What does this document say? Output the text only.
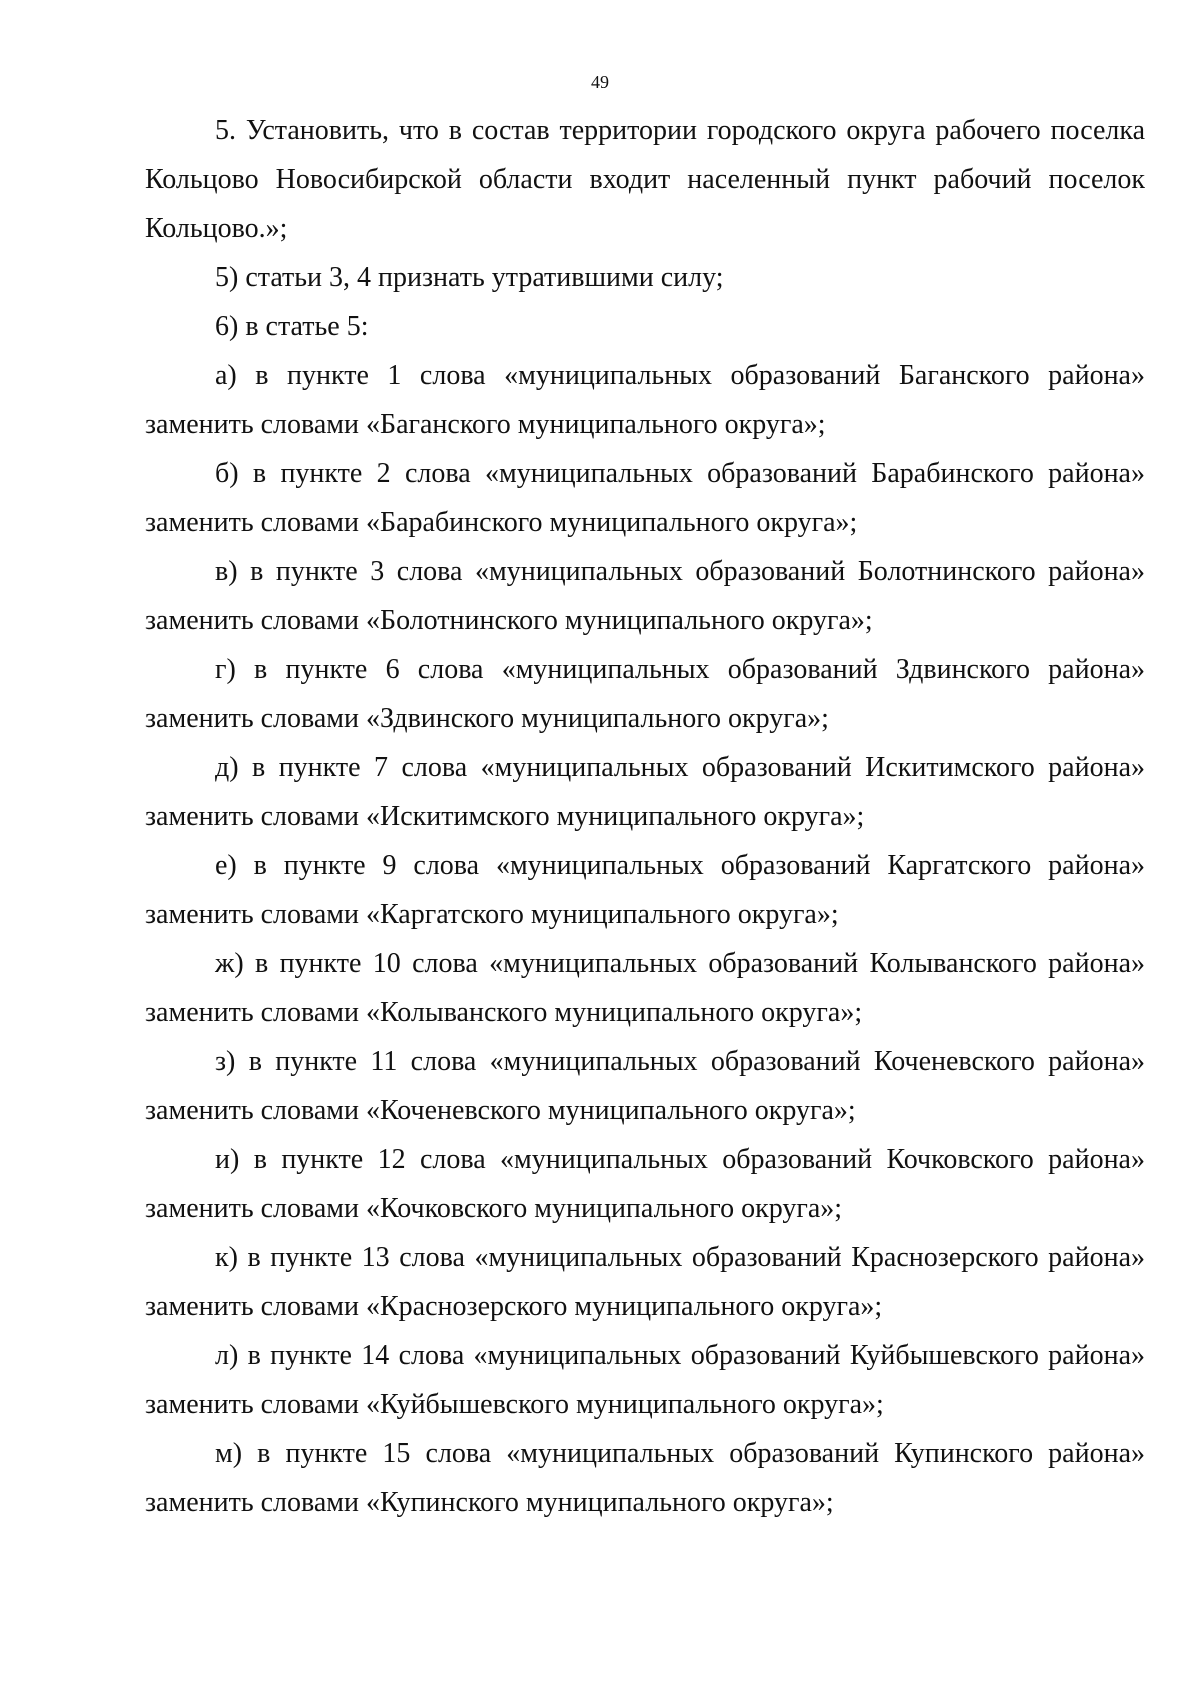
49

5. Установить, что в состав территории городского округа рабочего поселка Кольцово Новосибирской области входит населенный пункт рабочий поселок Кольцово.»;

5) статьи 3, 4 признать утратившими силу;

6) в статье 5:

а) в пункте 1 слова «муниципальных образований Баганского района» заменить словами «Баганского муниципального округа»;

б) в пункте 2 слова «муниципальных образований Барабинского района» заменить словами «Барабинского муниципального округа»;

в) в пункте 3 слова «муниципальных образований Болотнинского района» заменить словами «Болотнинского муниципального округа»;

г) в пункте 6 слова «муниципальных образований Здвинского района» заменить словами «Здвинского муниципального округа»;

д) в пункте 7 слова «муниципальных образований Искитимского района» заменить словами «Искитимского муниципального округа»;

е) в пункте 9 слова «муниципальных образований Каргатского района» заменить словами «Каргатского муниципального округа»;

ж) в пункте 10 слова «муниципальных образований Колыванского района» заменить словами «Колыванского муниципального округа»;

з) в пункте 11 слова «муниципальных образований Коченевского района» заменить словами «Коченевского муниципального округа»;

и) в пункте 12 слова «муниципальных образований Кочковского района» заменить словами «Кочковского муниципального округа»;

к) в пункте 13 слова «муниципальных образований Краснозерского района» заменить словами «Краснозерского муниципального округа»;

л) в пункте 14 слова «муниципальных образований Куйбышевского района» заменить словами «Куйбышевского муниципального округа»;

м) в пункте 15 слова «муниципальных образований Купинского района» заменить словами «Купинского муниципального округа»;
